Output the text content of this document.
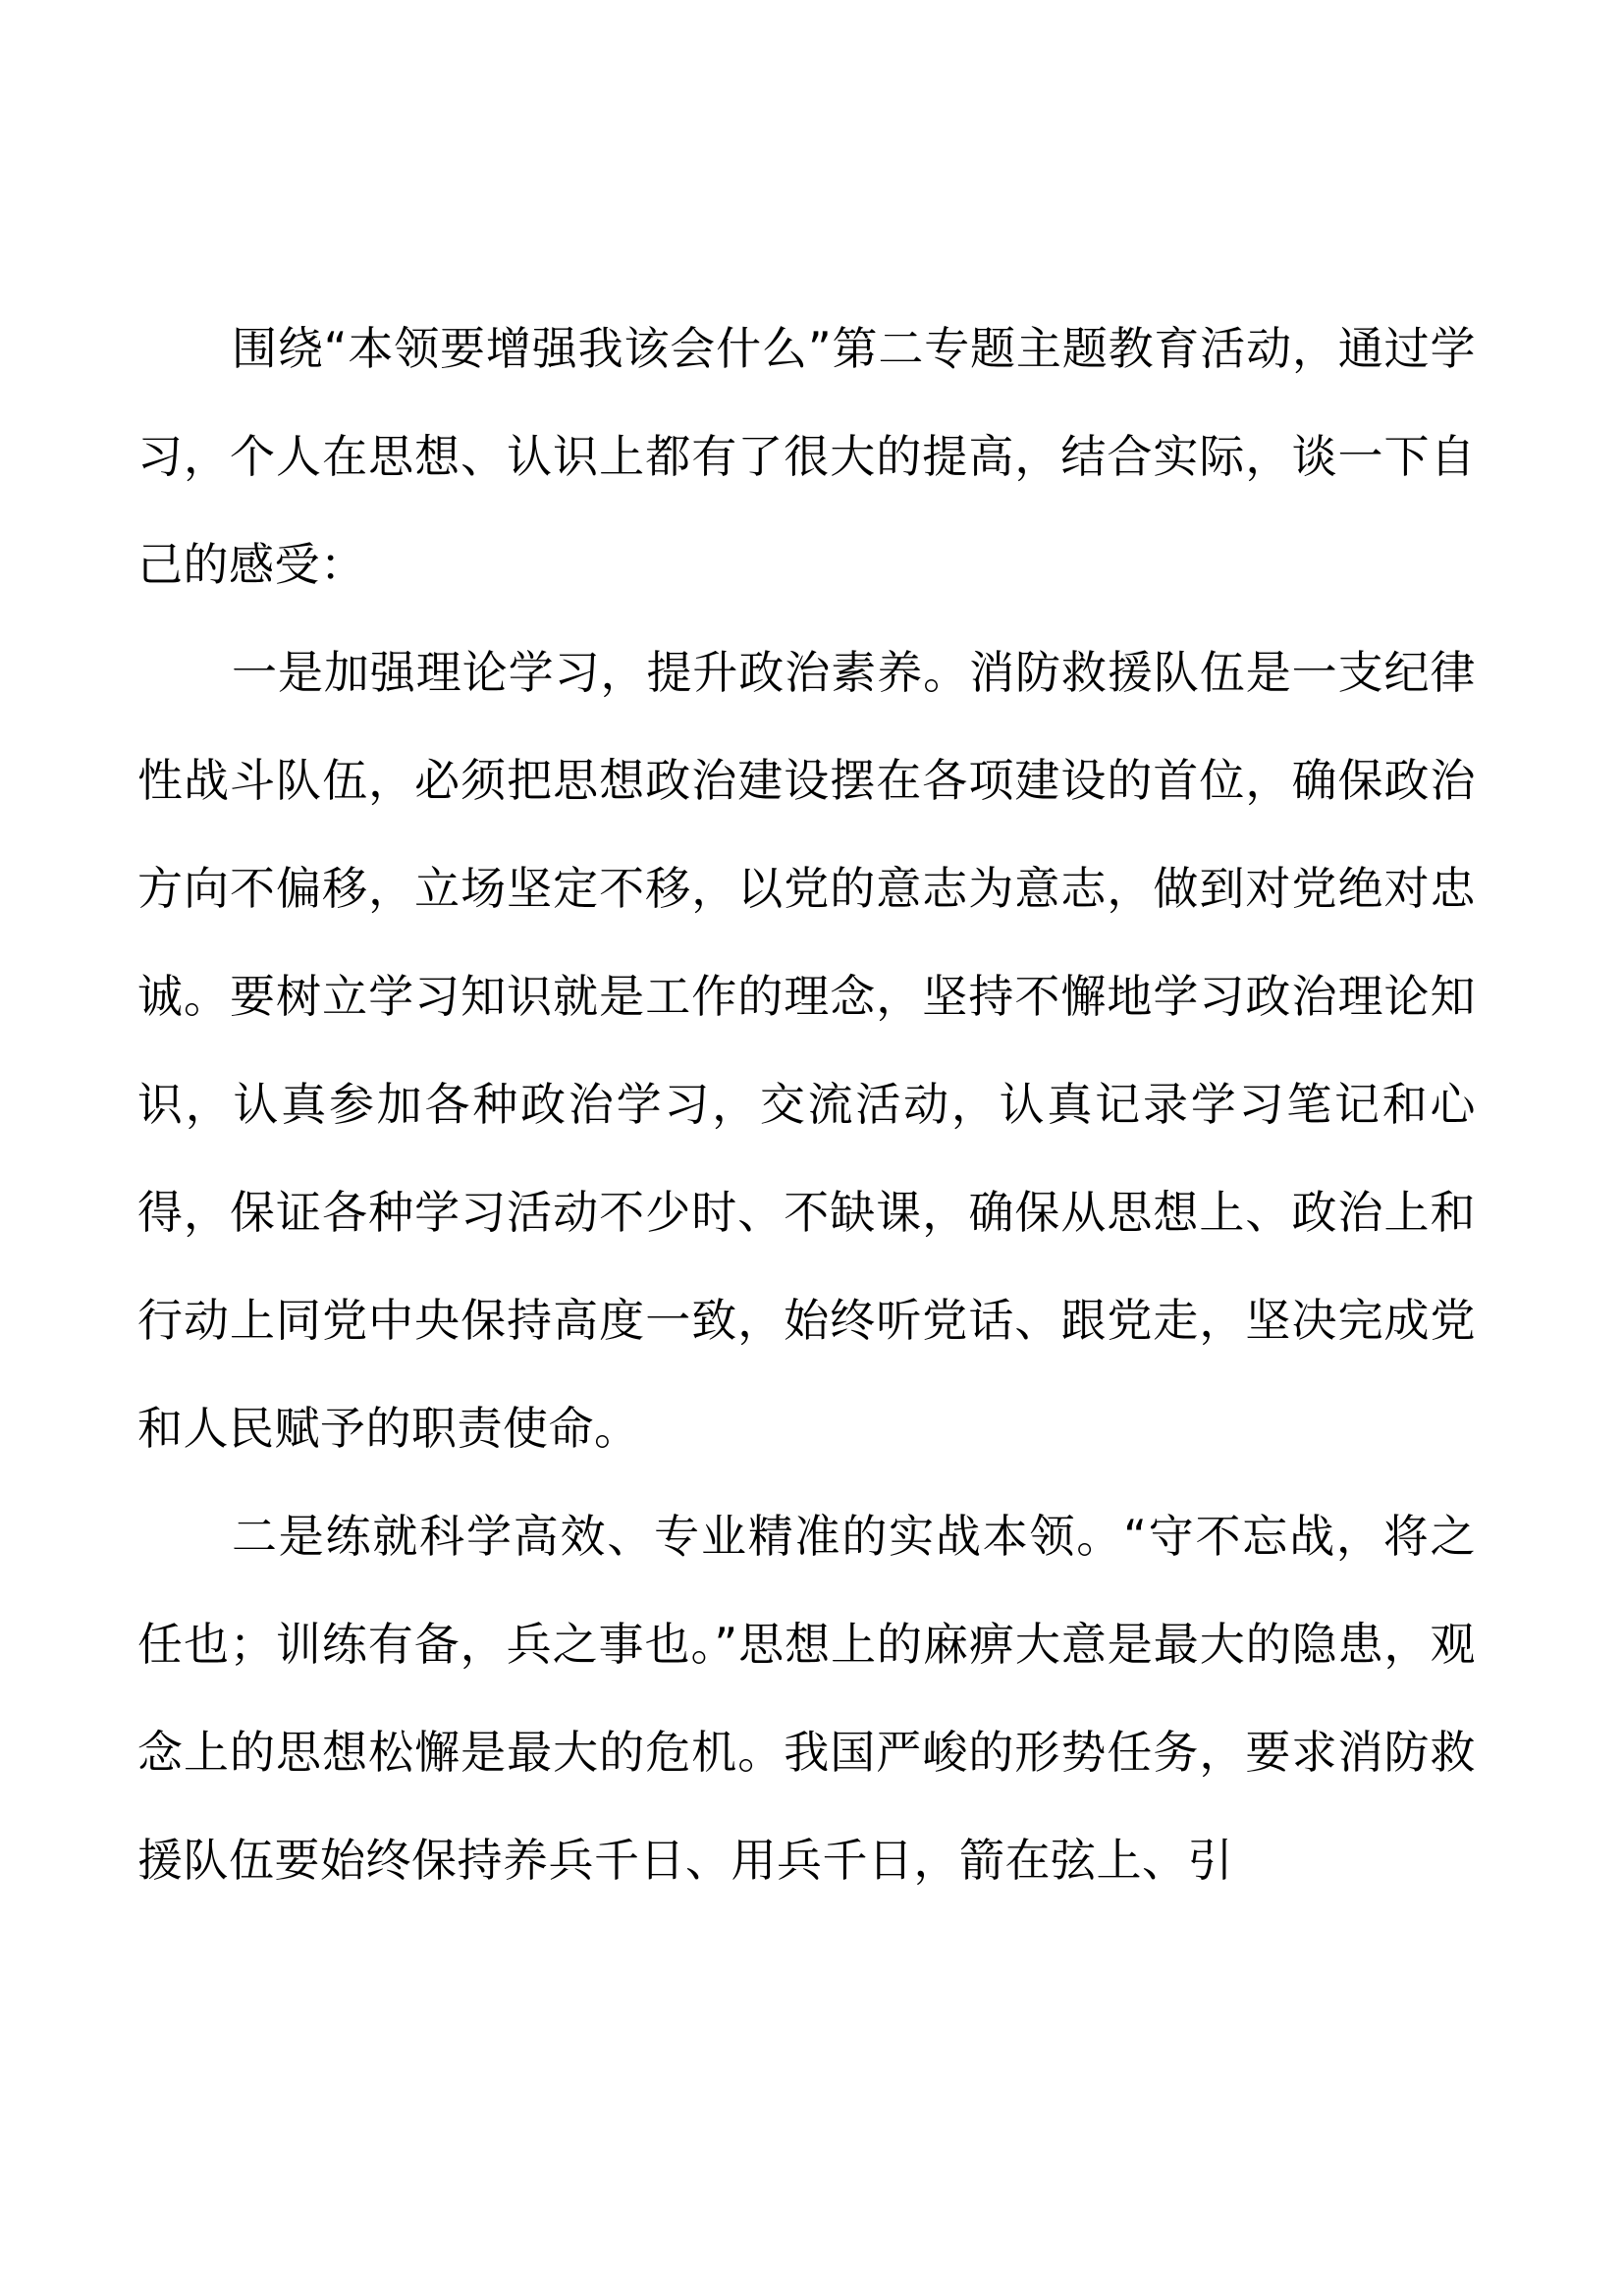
围绕“本领要增强我该会什么”第二专题主题教育活动，通过学习，个人在思想、认识上都有了很大的提高，结合实际，谈一下自己的感受：

一是加强理论学习，提升政治素养。消防救援队伍是一支纪律性战斗队伍，必须把思想政治建设摆在各项建设的首位，确保政治方向不偏移，立场坚定不移，以党的意志为意志，做到对党绝对忠诚。要树立学习知识就是工作的理念，坚持不懈地学习政治理论知识，认真参加各种政治学习，交流活动，认真记录学习笔记和心得，保证各种学习活动不少时、不缺课，确保从思想上、政治上和行动上同党中央保持高度一致，始终听党话、跟党走，坚决完成党和人民赋予的职责使命。

二是练就科学高效、专业精准的实战本领。“守不忘战，将之任也；训练有备，兵之事也。”思想上的麻痹大意是最大的隐患，观念上的思想松懈是最大的危机。我国严峻的形势任务，要求消防救援队伍要始终保持养兵千日、用兵千日，箭在弦上、引
